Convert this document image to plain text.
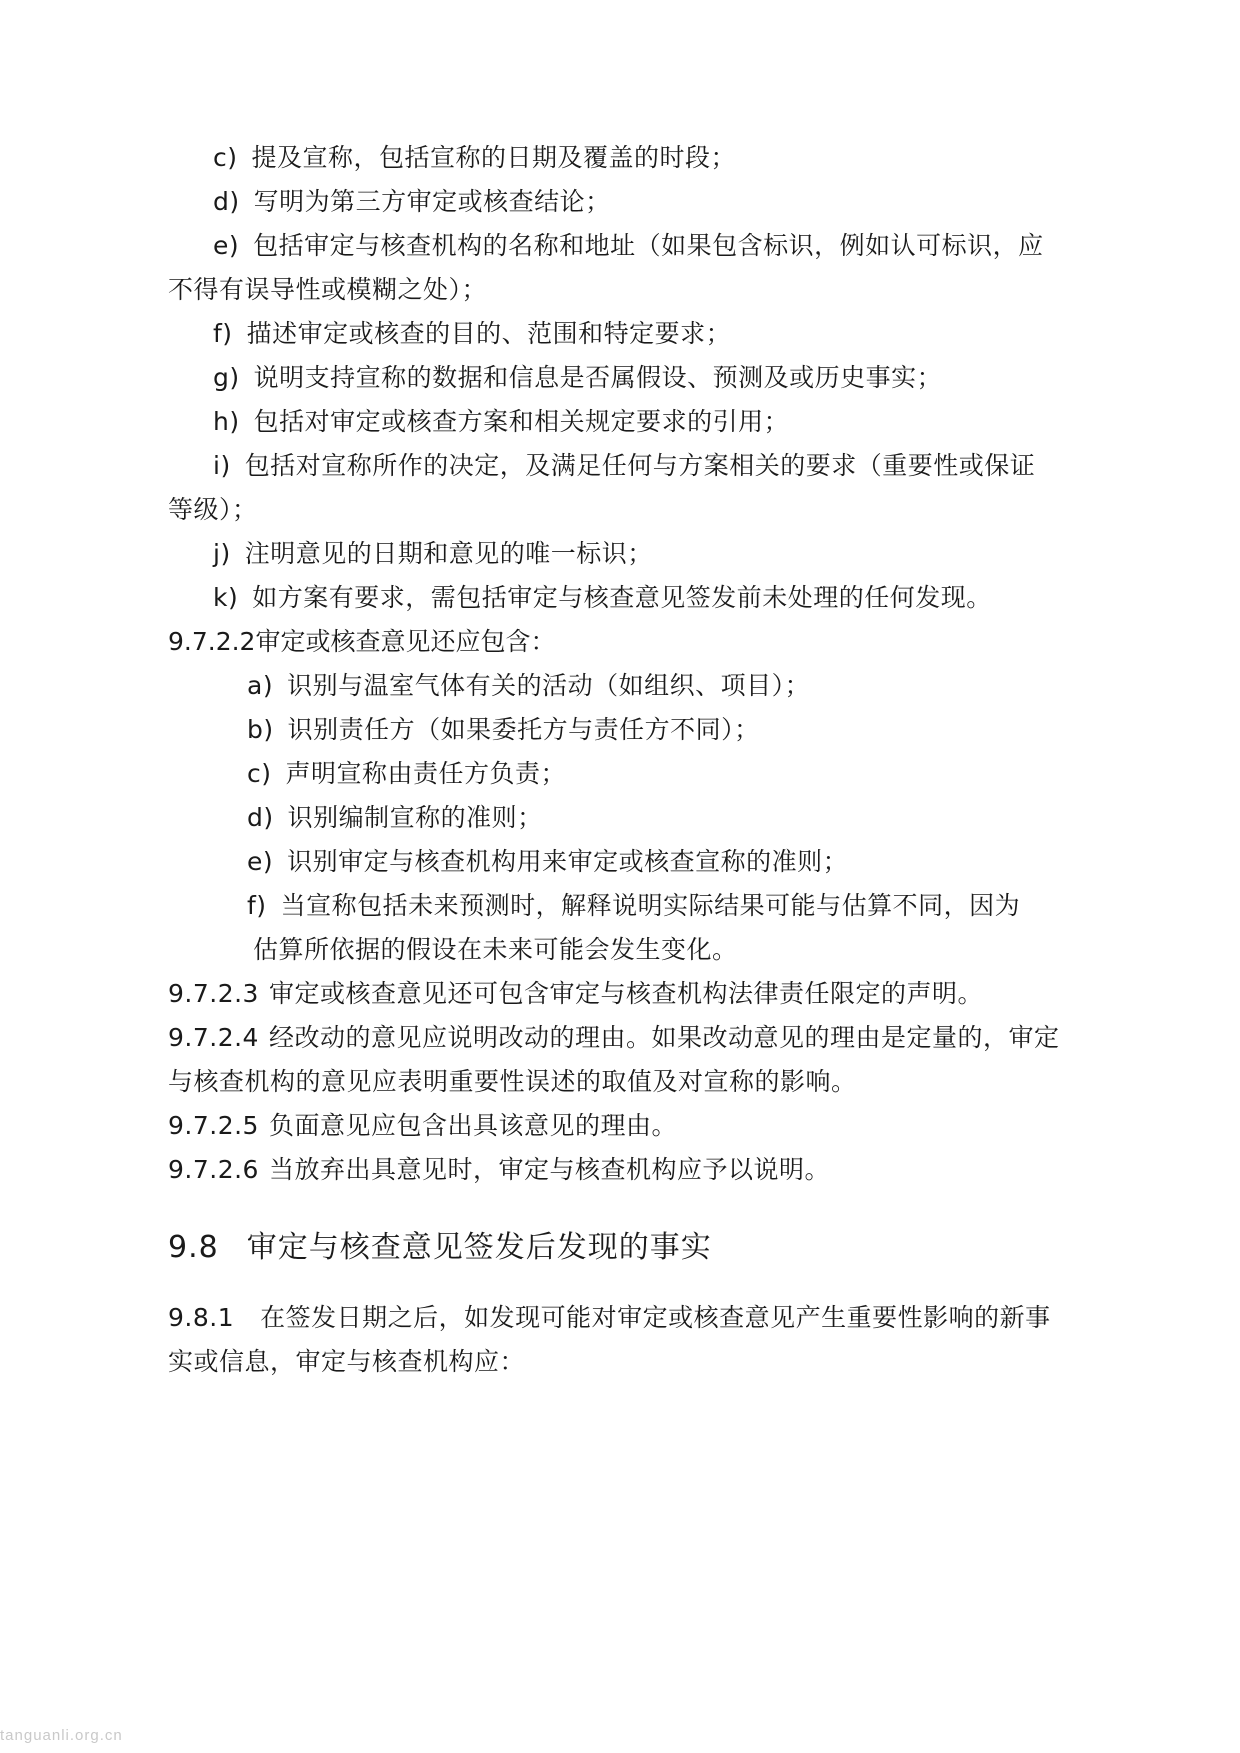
c) 提及宣称，包括宣称的日期及覆盖的时段；
d) 写明为第三方审定或核查结论；
e) 包括审定与核查机构的名称和地址（如果包含标识，例如认可标识，应
不得有误导性或模糊之处）；
f) 描述审定或核查的目的、范围和特定要求；
g) 说明支持宣称的数据和信息是否属假设、预测及或历史事实；
h) 包括对审定或核查方案和相关规定要求的引用；
i) 包括对宣称所作的决定，及满足任何与方案相关的要求（重要性或保证
等级）；
j) 注明意见的日期和意见的唯一标识；
k) 如方案有要求，需包括审定与核查意见签发前未处理的任何发现。
9.7.2.2审定或核查意见还应包含：
a) 识别与温室气体有关的活动（如组织、项目）；
b) 识别责任方（如果委托方与责任方不同）；
c) 声明宣称由责任方负责；
d) 识别编制宣称的准则；
e) 识别审定与核查机构用来审定或核查宣称的准则；
f) 当宣称包括未来预测时，解释说明实际结果可能与估算不同，因为
估算所依据的假设在未来可能会发生变化。
9.7.2.3 审定或核查意见还可包含审定与核查机构法律责任限定的声明。
9.7.2.4 经改动的意见应说明改动的理由。如果改动意见的理由是定量的，审定
与核查机构的意见应表明重要性误述的取值及对宣称的影响。
9.7.2.5 负面意见应包含出具该意见的理由。
9.7.2.6 当放弃出具意见时，审定与核查机构应予以说明。
9.8 审定与核查意见签发后发现的事实
9.8.1 在签发日期之后，如发现可能对审定或核查意见产生重要性影响的新事
实或信息，审定与核查机构应：
tanguanli.org.cn
